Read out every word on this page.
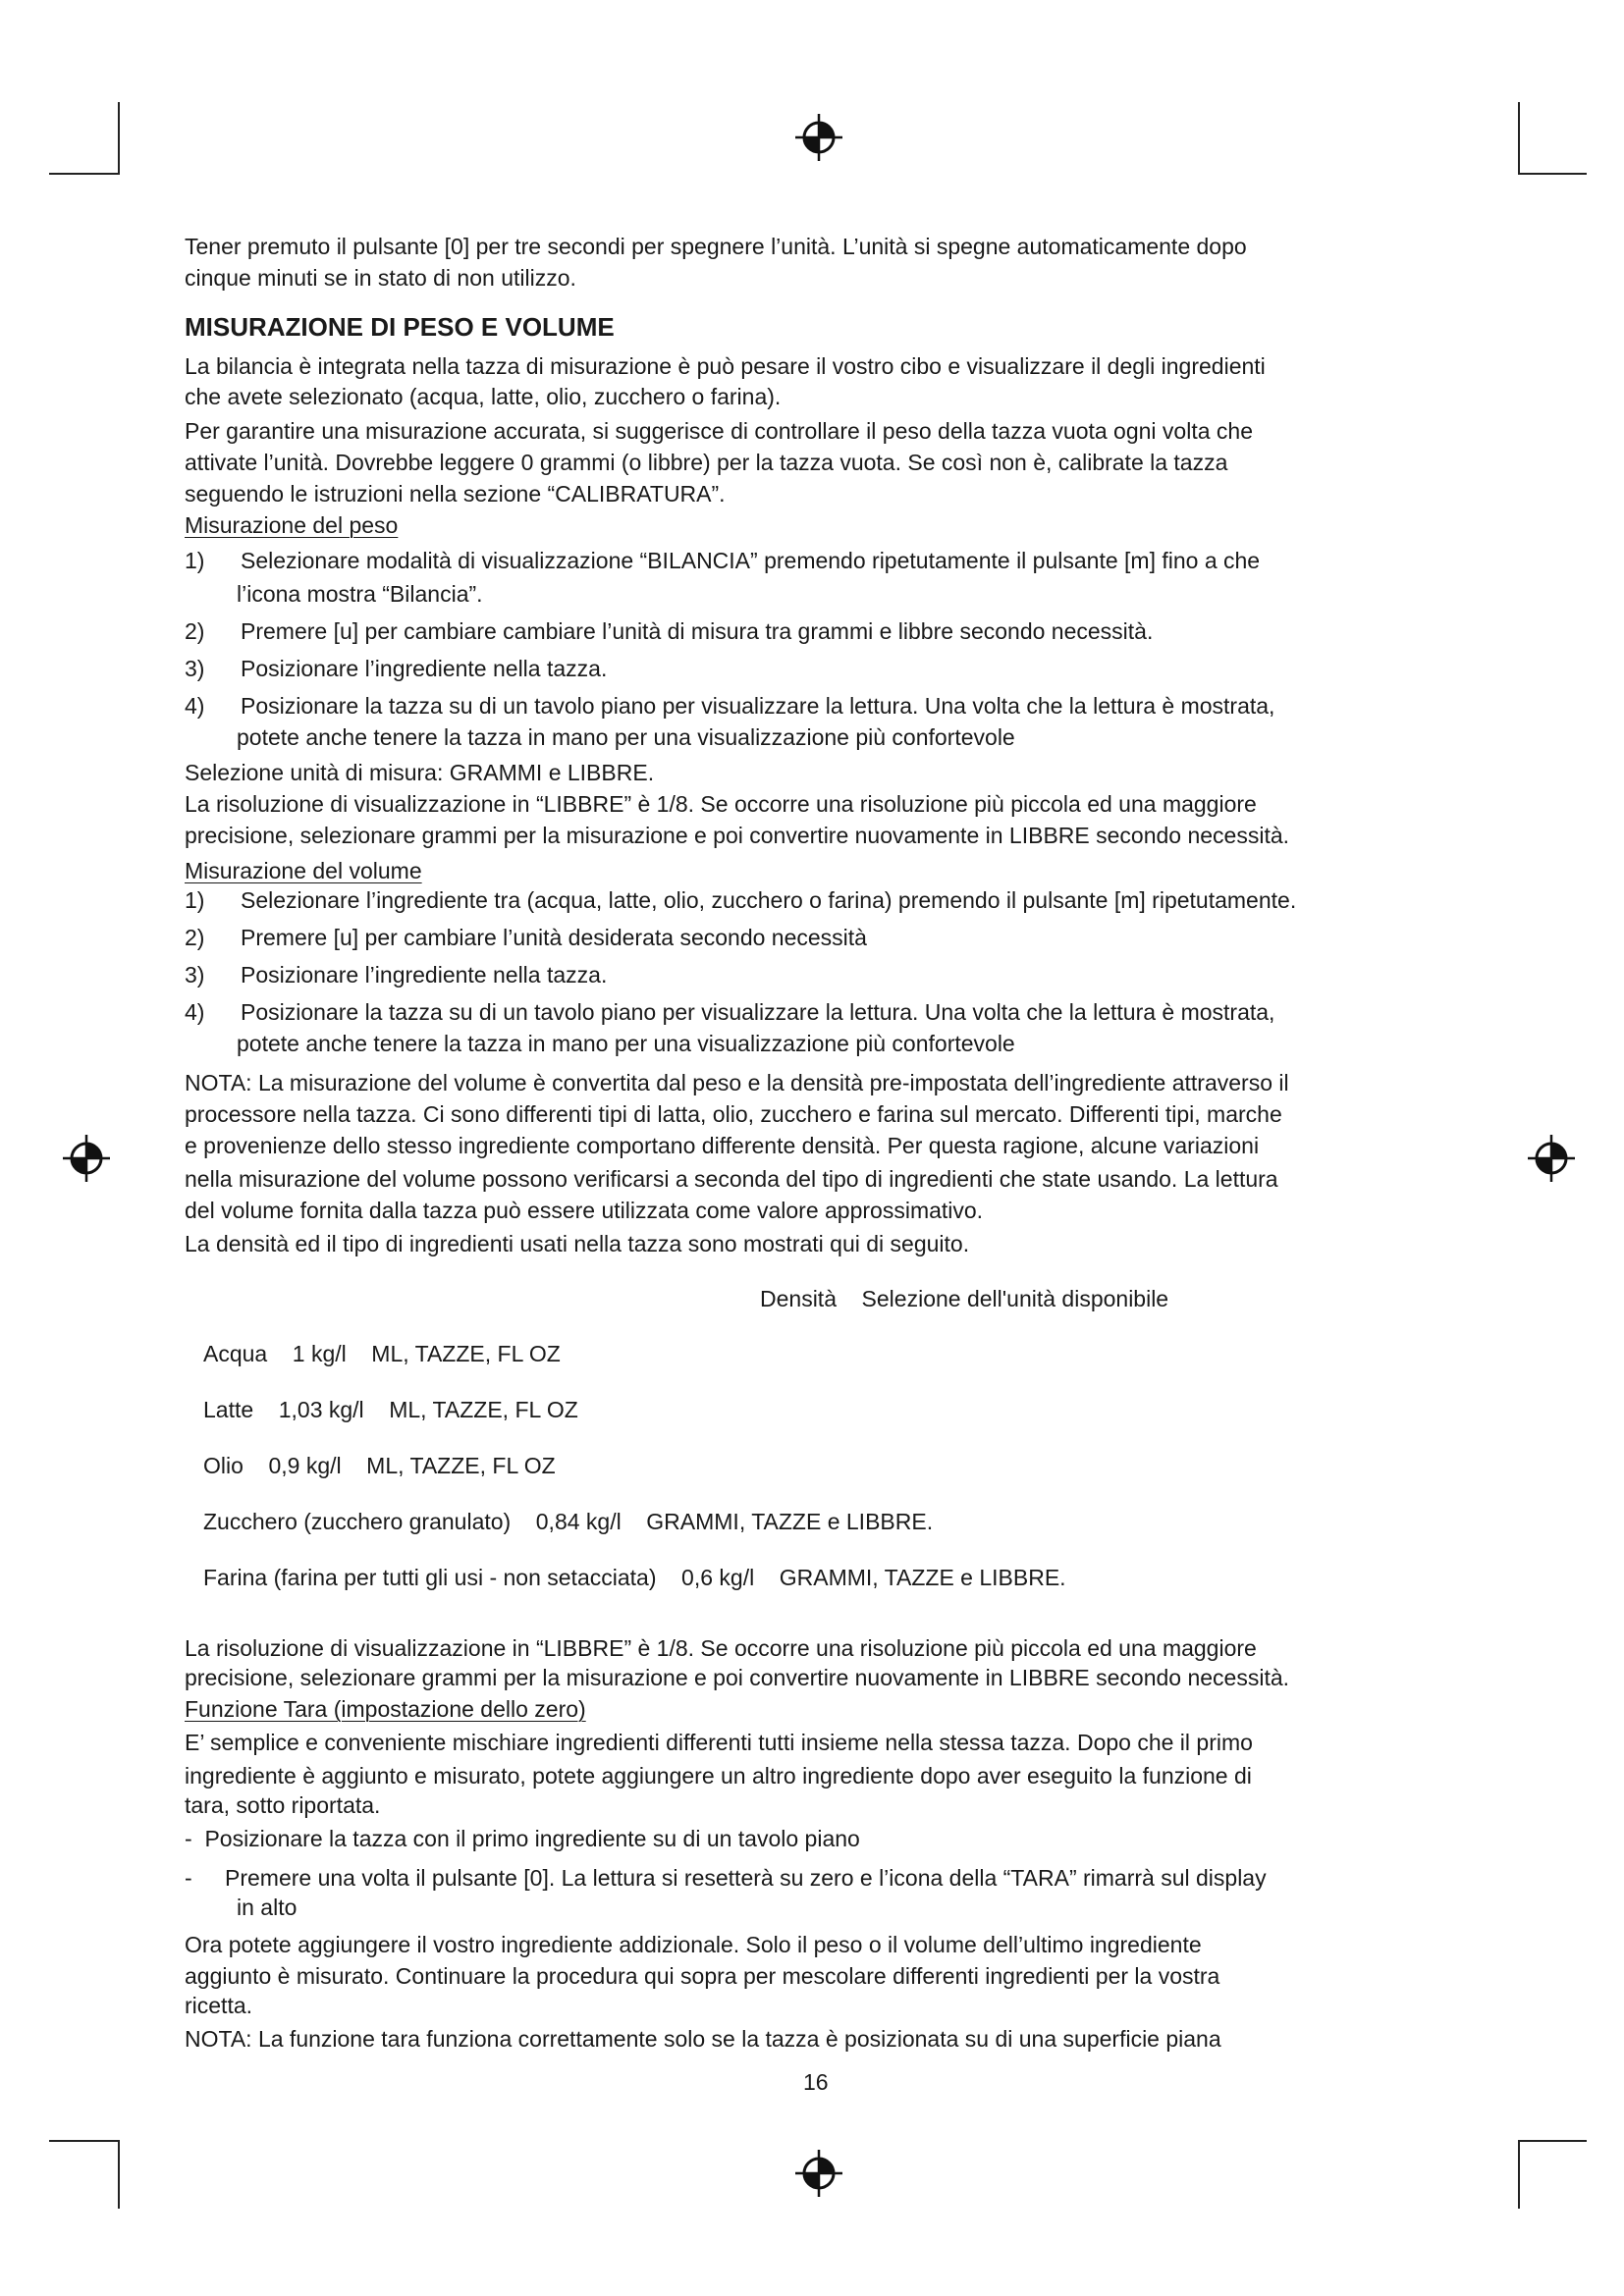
Tener premuto il pulsante [0] per tre secondi per spegnere l’unità. L’unità si spegne automaticamente dopo

cinque minuti se in stato di non utilizzo.

MISURAZIONE DI PESO E VOLUME

La bilancia è integrata nella tazza di misurazione è può pesare il vostro cibo e visualizzare il degli ingredienti

che avete selezionato (acqua, latte, olio, zucchero o farina).

Per garantire una misurazione accurata, si suggerisce di controllare il peso della tazza vuota ogni volta che

attivate l’unità. Dovrebbe leggere 0 grammi (o libbre) per la tazza vuota. Se così non è, calibrate la tazza

seguendo le istruzioni nella sezione “CALIBRATURA”.

Misurazione del peso

1) Selezionare modalità di visualizzazione “BILANCIA” premendo ripetutamente il pulsante [m] fino a che

l’icona mostra “Bilancia”.

2) Premere [u] per cambiare cambiare l’unità di misura tra grammi e libbre secondo necessità.

3) Posizionare l’ingrediente nella tazza.

4) Posizionare la tazza su di un tavolo piano per visualizzare la lettura. Una volta che la lettura è mostrata,

potete anche tenere la tazza in mano per una visualizzazione più confortevole

Selezione unità di misura: GRAMMI e LIBBRE.

La risoluzione di visualizzazione in “LIBBRE” è 1/8. Se occorre una risoluzione più piccola ed una maggiore

precisione, selezionare grammi per la misurazione e poi convertire nuovamente in LIBBRE secondo necessità.

Misurazione del volume

1) Selezionare l’ingrediente tra (acqua, latte, olio, zucchero o farina) premendo il pulsante [m] ripetutamente.

2) Premere [u] per cambiare l’unità desiderata secondo necessità

3) Posizionare l’ingrediente nella tazza.

4) Posizionare la tazza su di un tavolo piano per visualizzare la lettura. Una volta che la lettura è mostrata,

potete anche tenere la tazza in mano per una visualizzazione più confortevole

NOTA: La misurazione del volume è convertita dal peso e la densità pre-impostata dell’ingrediente attraverso il

processore nella tazza. Ci sono differenti tipi di latta, olio, zucchero e farina sul mercato. Differenti tipi, marche

e provenienze dello stesso ingrediente comportano differente densità. Per questa ragione, alcune variazioni

nella misurazione del volume possono verificarsi a seconda del tipo di ingredienti che state usando. La lettura

del volume fornita dalla tazza può essere utilizzata come valore approssimativo.

La densità ed il tipo di ingredienti usati nella tazza sono mostrati qui di seguito.

Densità    Selezione dell'unità disponibile

Acqua    1 kg/l    ML, TAZZE, FL OZ

Latte    1,03 kg/l    ML, TAZZE, FL OZ

Olio    0,9 kg/l    ML, TAZZE, FL OZ

Zucchero (zucchero granulato)    0,84 kg/l    GRAMMI, TAZZE e LIBBRE.

Farina (farina per tutti gli usi - non setacciata)    0,6 kg/l    GRAMMI, TAZZE e LIBBRE.

La risoluzione di visualizzazione in “LIBBRE” è 1/8. Se occorre una risoluzione più piccola ed una maggiore

precisione, selezionare grammi per la misurazione e poi convertire nuovamente in LIBBRE secondo necessità.

Funzione Tara (impostazione dello zero)

E’ semplice e conveniente mischiare ingredienti differenti tutti insieme nella stessa tazza. Dopo che il primo

ingrediente è aggiunto e misurato, potete aggiungere un altro ingrediente dopo aver eseguito la funzione di

tara, sotto riportata.

-  Posizionare la tazza con il primo ingrediente su di un tavolo piano

- Premere una volta il pulsante [0]. La lettura si resetterà su zero e l’icona della “TARA” rimarrà sul display

in alto

Ora potete aggiungere il vostro ingrediente addizionale. Solo il peso o il volume dell’ultimo ingrediente

aggiunto è misurato. Continuare la procedura qui sopra per mescolare differenti ingredienti per la vostra

ricetta.

NOTA: La funzione tara funziona correttamente solo se la tazza è posizionata su di una superficie piana

16
